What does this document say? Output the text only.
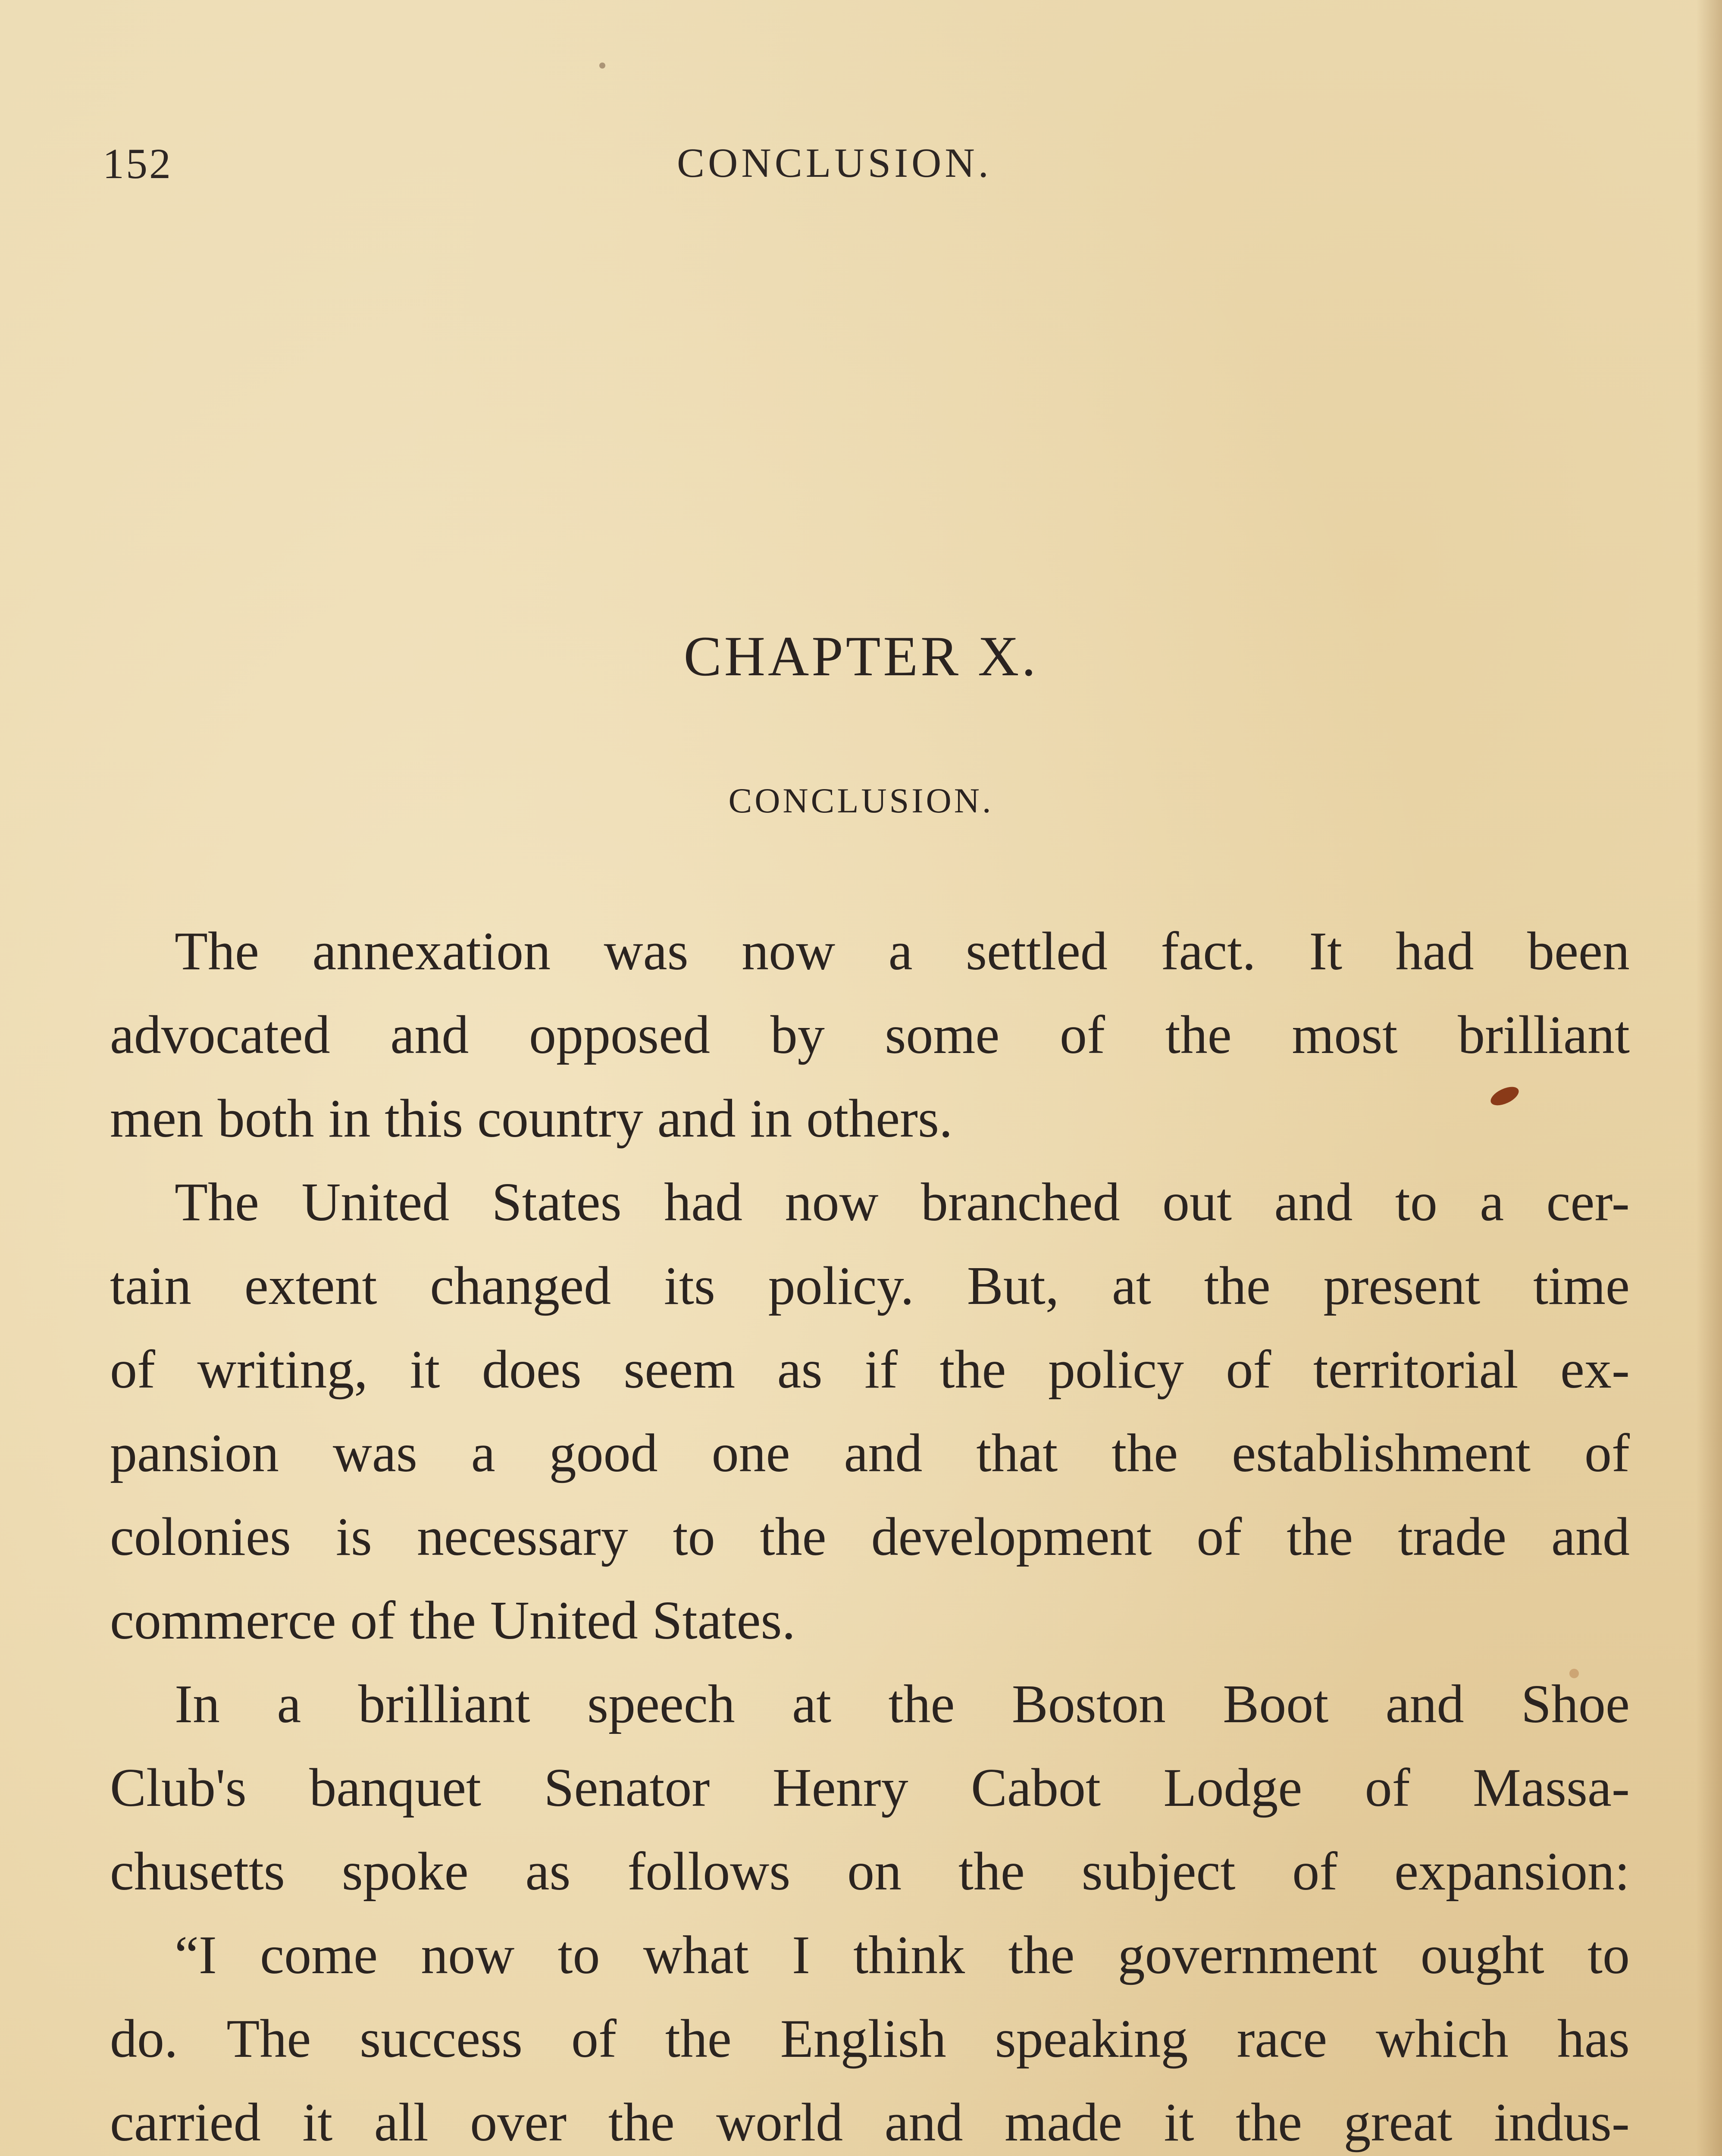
152	CONCLUSION.
CHAPTER X.
CONCLUSION.
The annexation was now a settled fact. It had been
advocated and opposed by some of the most brilliant
men both in this country and in others.
The United States had now branched out and to a cer-
tain extent changed its policy. But, at the present time
of writing, it does seem as if the policy of territorial ex-
pansion was a good one and that the establishment of
colonies is necessary to the development of the trade and
commerce of the United States.
In a brilliant speech at the Boston Boot and Shoe
Club's banquet Senator Henry Cabot Lodge of Massa-
chusetts spoke as follows on the subject of expansion:
“I come now to what I think the government ought to
do. The success of the English speaking race which has
carried it all over the world and made it the great indus-
